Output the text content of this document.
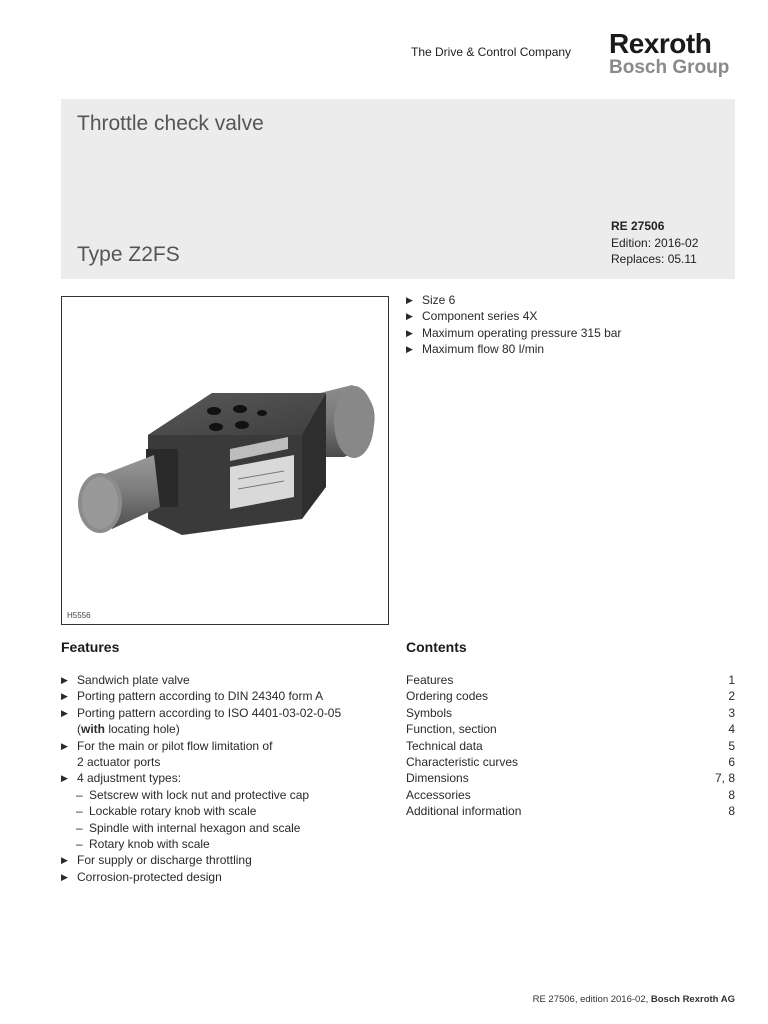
The Drive & Control Company Rexroth
Bosch Group
Throttle check valve
Type Z2FS
RE 27506
Edition: 2016-02
Replaces: 05.11
H5556
▶ Size 6
▶ Component series 4X
▶ Maximum operating pressure 315 bar
▶ Maximum flow 80 l/min
Features
▶ Sandwich plate valve
▶ Porting pattern according to DIN 24340 form A
▶ Porting pattern according to ISO 4401-03-02-0-05
(with locating hole)
▶ For the main or pilot flow limitation of
2 actuator ports
▶ 4 adjustment types:
– Setscrew with lock nut and protective cap
– Lockable rotary knob with scale
– Spindle with internal hexagon and scale
– Rotary knob with scale
▶ For supply or discharge throttling
▶ Corrosion-protected design
Contents
Features	1
Ordering codes	2
Symbols	3
Function, section	4
Technical data	5
Characteristic curves	6
Dimensions	7, 8
Accessories	8
Additional information	8
RE 27506, edition 2016-02, Bosch Rexroth AG
